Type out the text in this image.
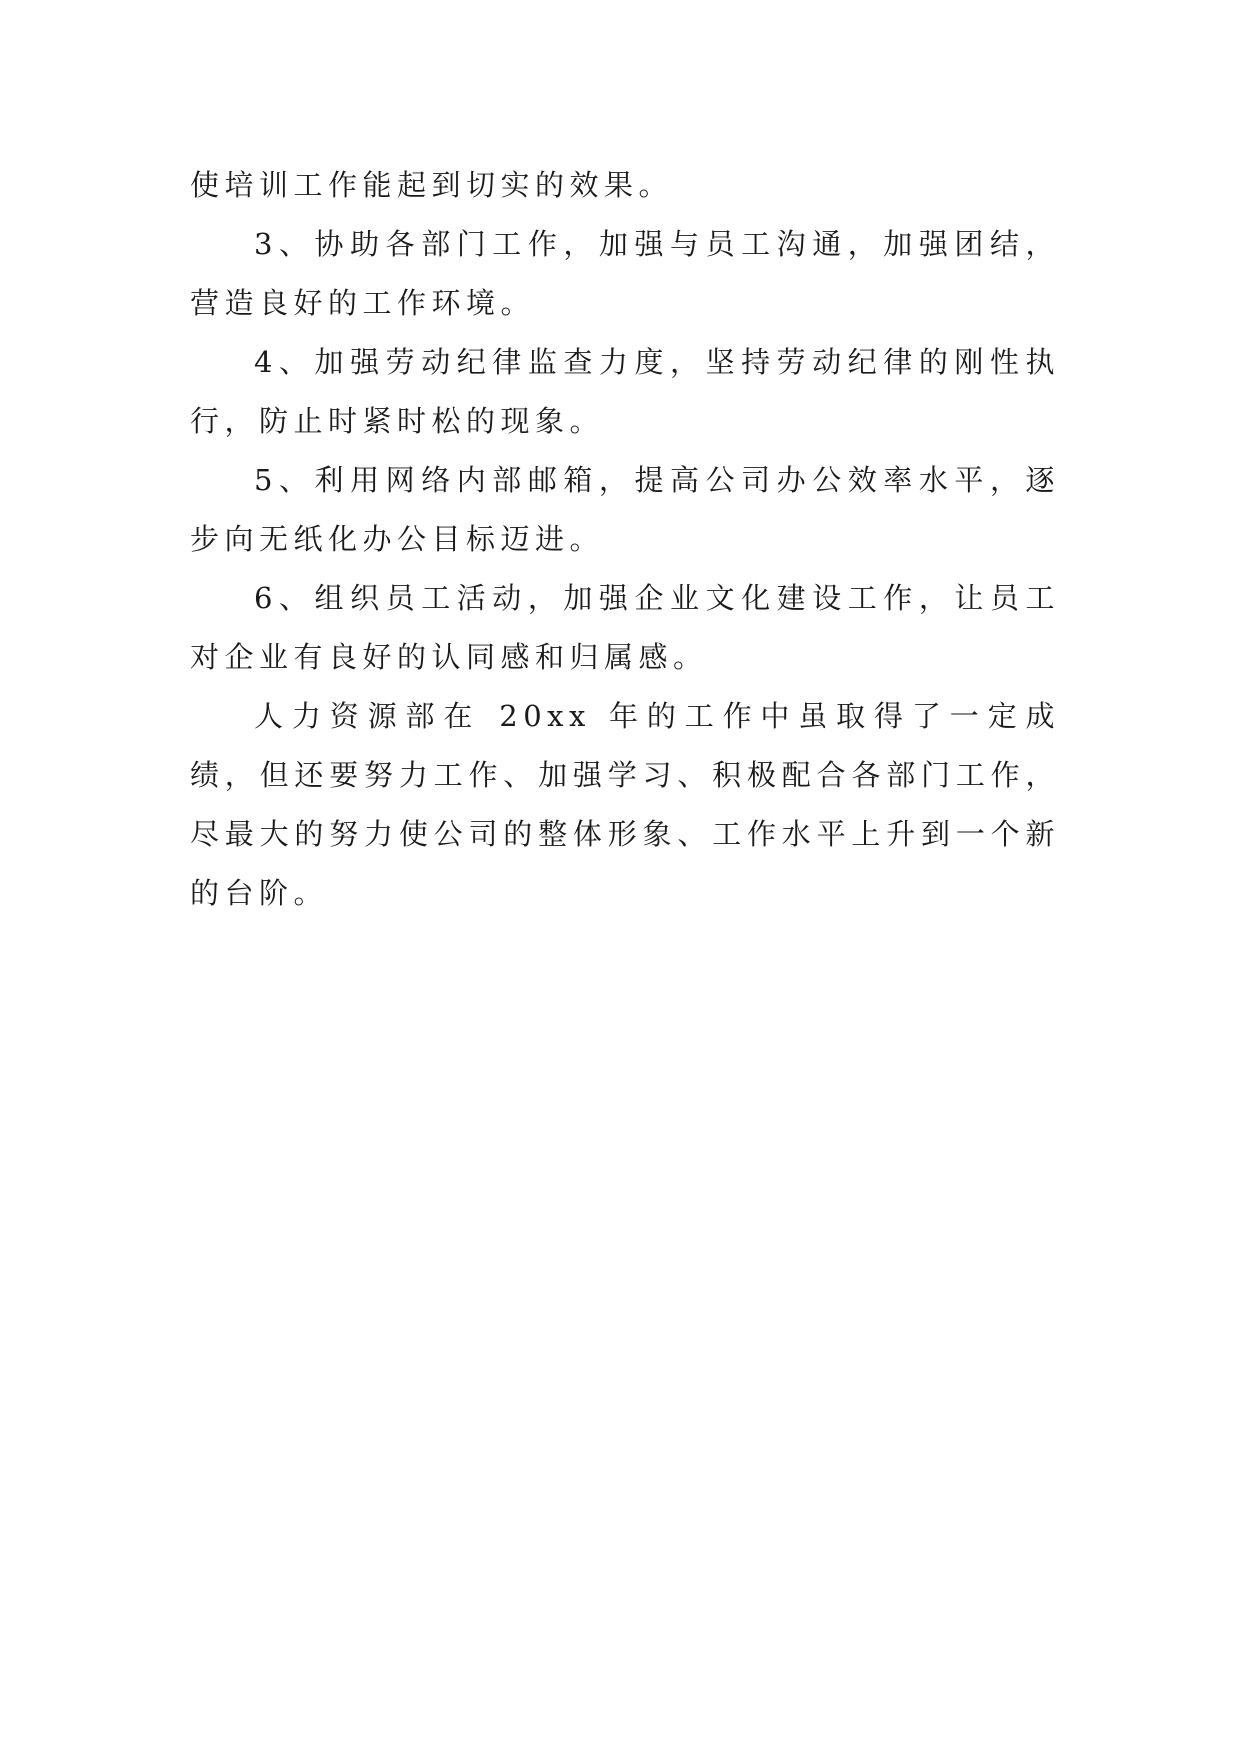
使培训工作能起到切实的效果。

3、协助各部门工作，加强与员工沟通，加强团结，营造良好的工作环境。

4、加强劳动纪律监查力度，坚持劳动纪律的刚性执行，防止时紧时松的现象。

5、利用网络内部邮箱，提高公司办公效率水平，逐步向无纸化办公目标迈进。

6、组织员工活动，加强企业文化建设工作，让员工对企业有良好的认同感和归属感。

人力资源部在 20xx 年的工作中虽取得了一定成绩，但还要努力工作、加强学习、积极配合各部门工作，尽最大的努力使公司的整体形象、工作水平上升到一个新的台阶。
